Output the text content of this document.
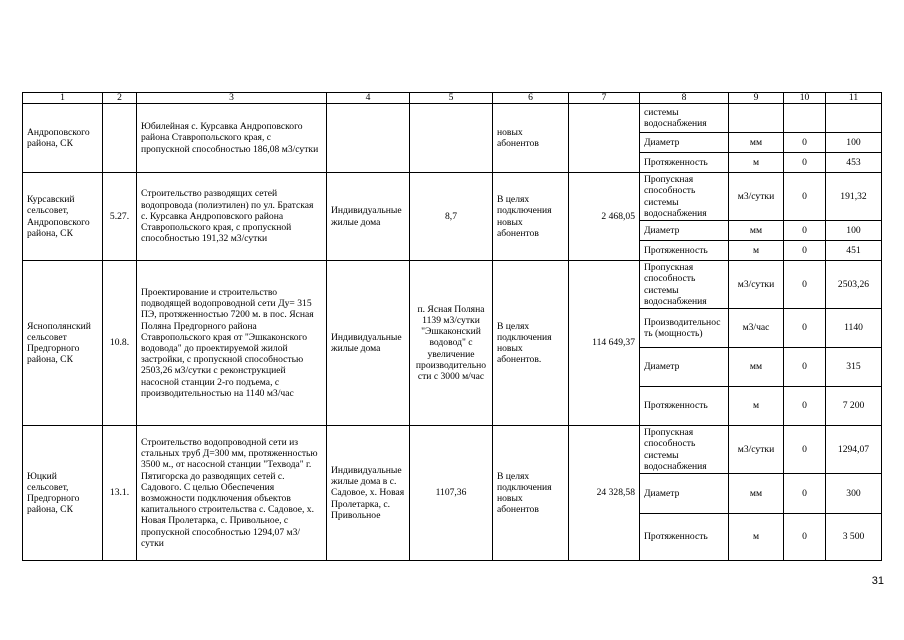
1	2	3	4	5	6	7	8	9	10	11
Андроповского района, СК		Юбилейная с. Курсавка Андроповского района Ставропольского края, с пропускной способностью 186,08 м3/сутки			новых абонентов		системы водоснабжения			
							Диаметр	мм	0	100
							Протяженность	м	0	453
Курсавский сельсовет, Андроповского района, СК	5.27.	Строительство разводящих сетей водопровода (полиэтилен) по ул. Братская с. Курсавка Андроповского района Ставропольского края, с пропускной способностью 191,32 м3/сутки	Индивидуальные жилые дома	8,7	В целях подключения новых абонентов	2 468,05	Пропускная способность системы водоснабжения	м3/сутки	0	191,32
							Диаметр	мм	0	100
							Протяженность	м	0	451
Яснополянский сельсовет Предгорного района, СК	10.8.	Проектирование и строительство подводящей водопроводной сети Ду= 315 ПЭ, протяженностью 7200 м. в пос. Ясная Поляна Предгорного района Ставропольского края от "Эшкаконского водовода" до проектируемой жилой застройки, с пропускной способностью 2503,26 м3/сутки с реконструкцией насосной станции 2-го подъема, с производительностью на 1140 м3/час	Индивидуальные жилые дома	п. Ясная Поляна 1139 м3/сутки "Эшкаконский водовод" с увеличение производительности с 3000 м/час	В целях подключения новых абонентов.	114 649,37	Пропускная способность системы водоснабжения	м3/сутки	0	2503,26
							Производительность (мощность)	м3/час	0	1140
							Диаметр	мм	0	315
							Протяженность	м	0	7 200
Юцкий сельсовет, Предгорного района, СК	13.1.	Строительство водопроводной сети из стальных труб Д=300 мм, протяженностью 3500 м., от насосной станции "Техвода" г. Пятигорска до разводящих сетей с. Садового. С целью Обеспечения возможности подключения объектов капитального строительства с. Садовое, х. Новая Пролетарка, с. Привольное, с пропускной способностью 1294,07 м3/сутки	Индивидуальные жилые дома в с. Садовое, х. Новая Пролетарка, с. Привольное	1107,36	В целях подключения новых абонентов	24 328,58	Пропускная способность системы водоснабжения	м3/сутки	0	1294,07
							Диаметр	мм	0	300
							Протяженность	м	0	3 500
31
